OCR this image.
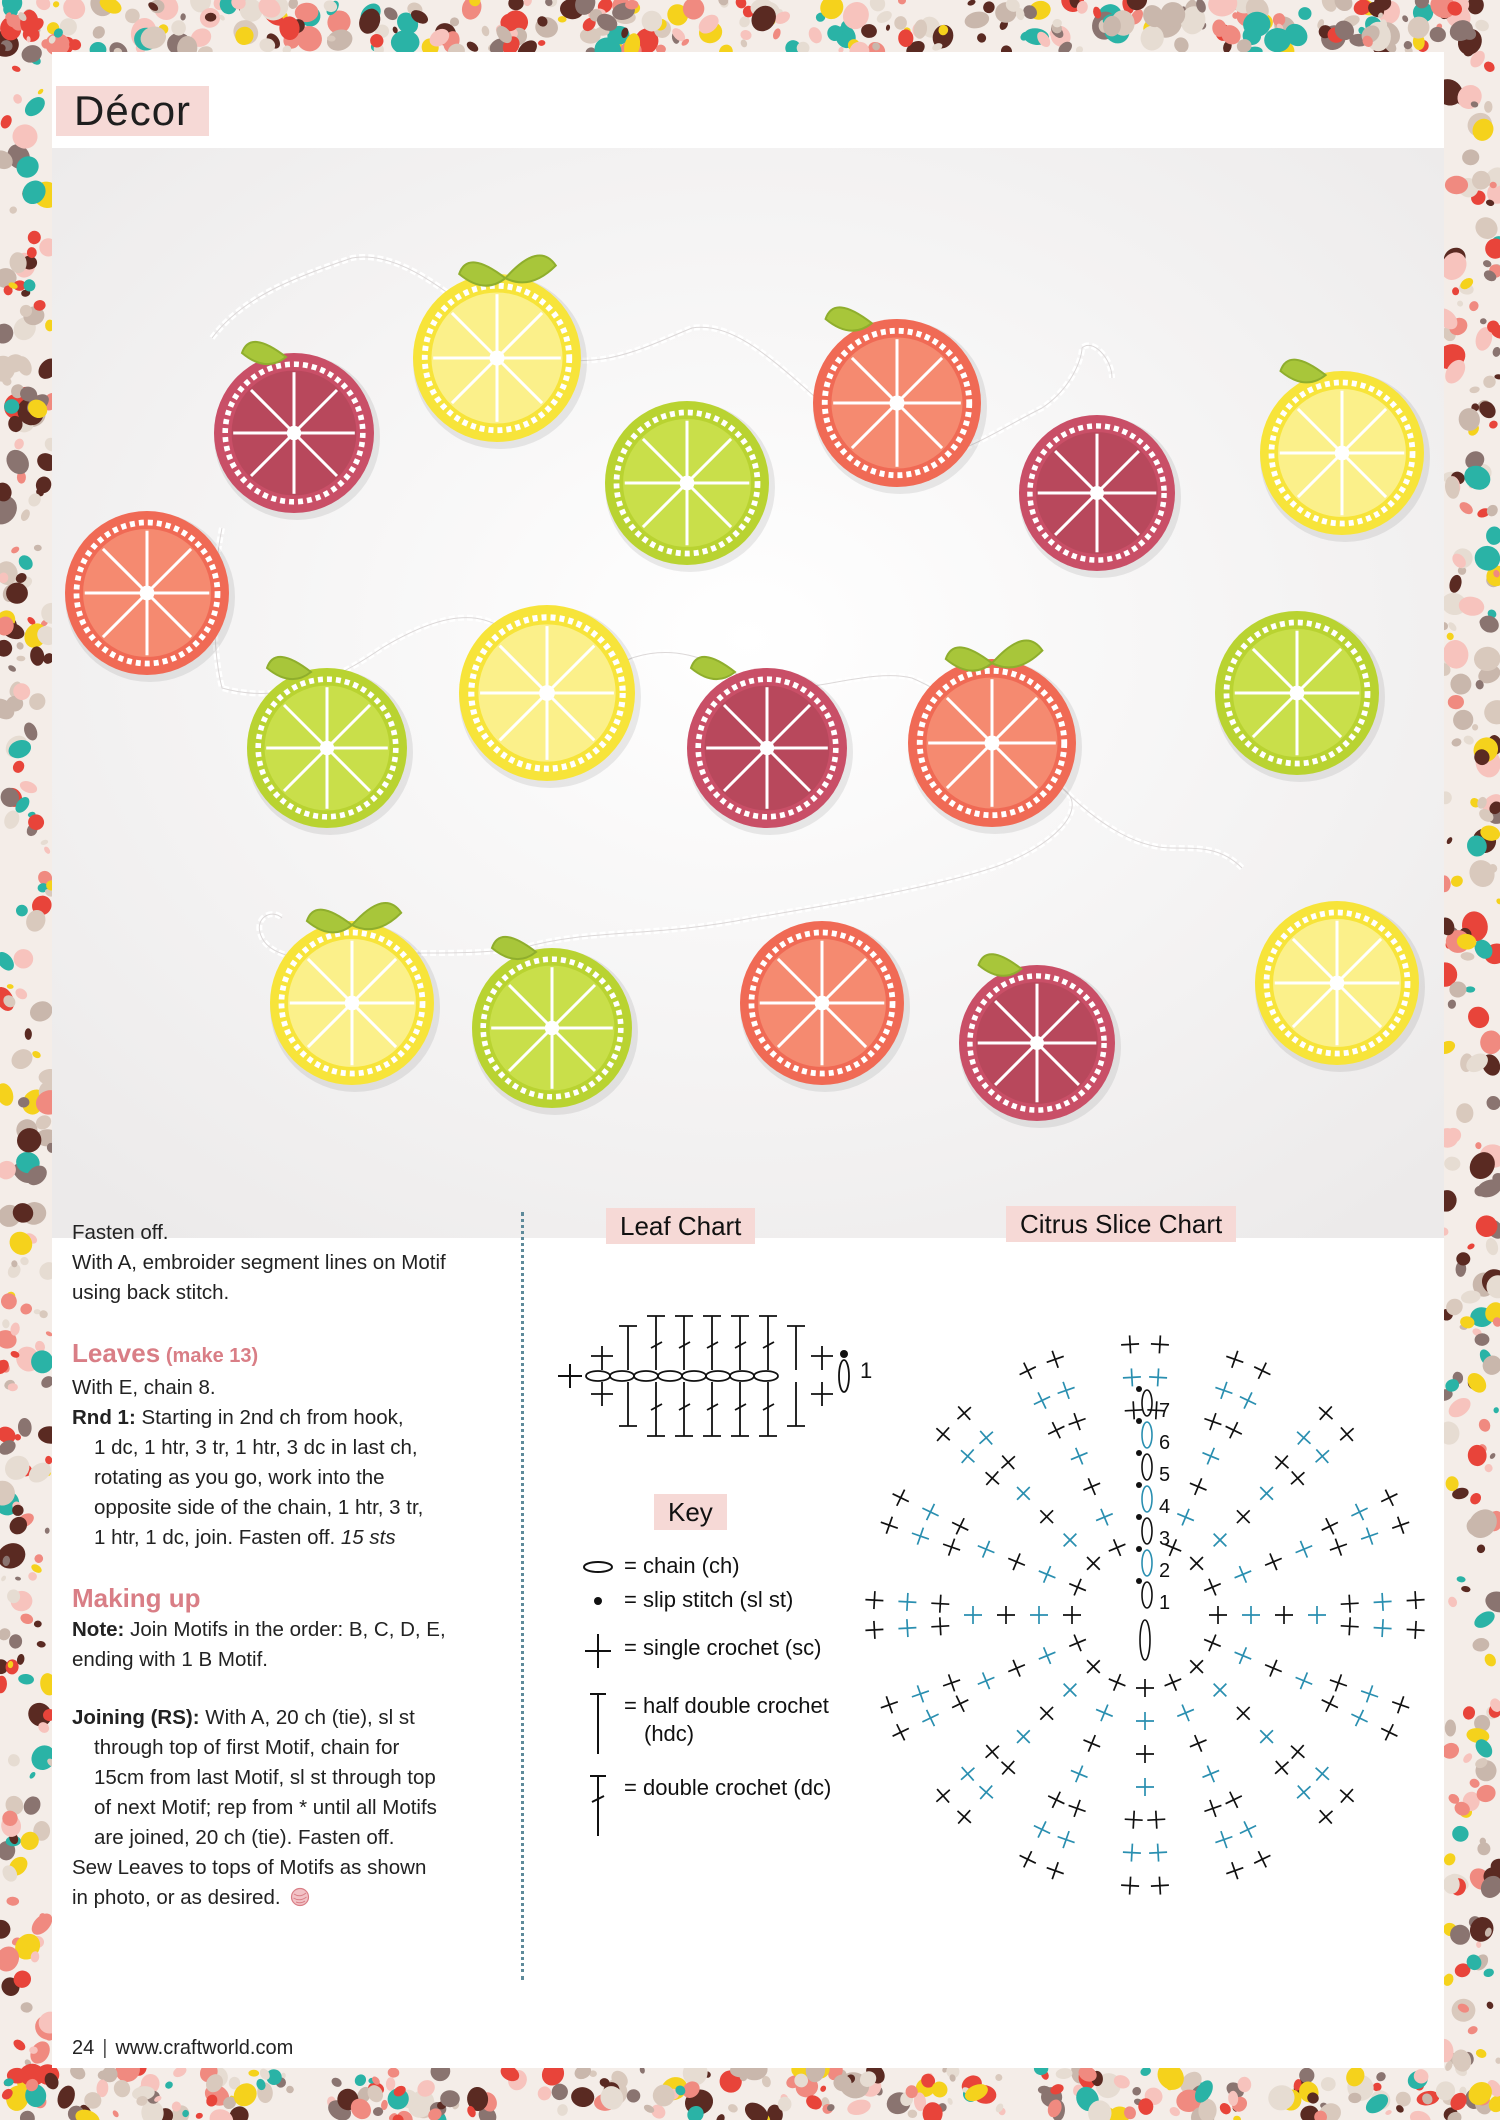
Décor

Fasten off.

With A, embroider segment lines on Motif

using back stitch.

Leaves (make 13)

With E, chain 8.

Rnd 1: Starting in 2nd ch from hook,

1 dc, 1 htr, 3 tr, 1 htr, 3 dc in last ch,

rotating as you go, work into the

opposite side of the chain, 1 htr, 3 tr,

1 htr, 1 dc, join. Fasten off. 15 sts

Making up

Note: Join Motifs in the order: B, C, D, E,

ending with 1 B Motif.

Joining (RS): With A, 20 ch (tie), sl st

through top of first Motif, chain for

15cm from last Motif, sl st through top

of next Motif; rep from * until all Motifs

are joined, 20 ch (tie). Fasten off.

Sew Leaves to tops of Motifs as shown

in photo, or as desired.

Leaf Chart
1
Key
= chain (ch)
= slip stitch (sl st)
= single crochet (sc)
= half double crochet
(hdc)
= double crochet (dc)
Citrus Slice Chart
1
2
3
4
5
6
7
24 | www.craftworld.com
